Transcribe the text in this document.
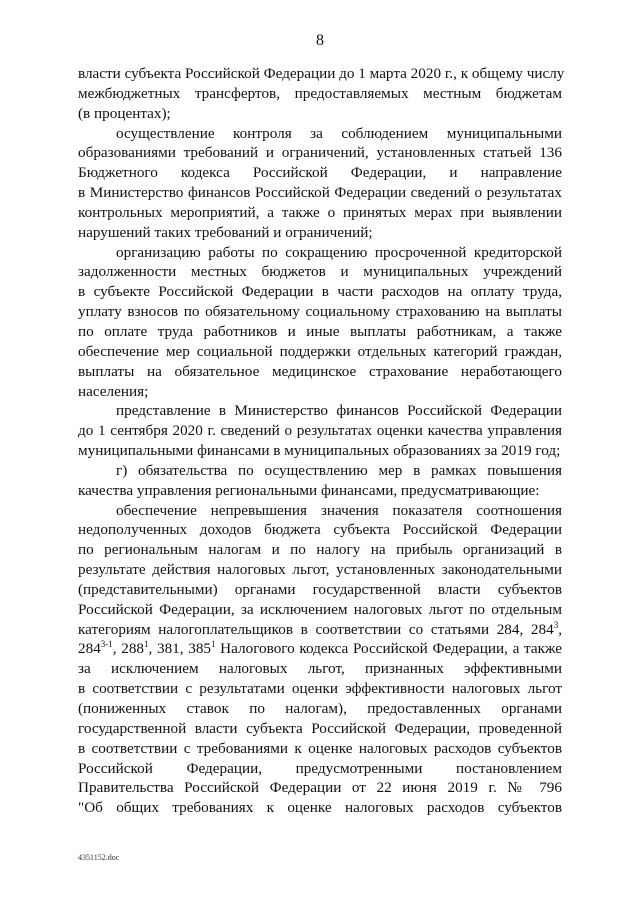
8
власти субъекта Российской Федерации до 1 марта 2020 г., к общему числу
межбюджетных трансфертов, предоставляемых местным бюджетам
(в процентах);
осуществление контроля за соблюдением муниципальными
образованиями требований и ограничений, установленных статьей 136
Бюджетного кодекса Российской Федерации, и направление
в Министерство финансов Российской Федерации сведений о результатах
контрольных мероприятий, а также о принятых мерах при выявлении
нарушений таких требований и ограничений;
организацию работы по сокращению просроченной кредиторской
задолженности местных бюджетов и муниципальных учреждений
в субъекте Российской Федерации в части расходов на оплату труда,
уплату взносов по обязательному социальному страхованию на выплаты
по оплате труда работников и иные выплаты работникам, а также
обеспечение мер социальной поддержки отдельных категорий граждан,
выплаты на обязательное медицинское страхование неработающего
населения;
представление в Министерство финансов Российской Федерации
до 1 сентября 2020 г. сведений о результатах оценки качества управления
муниципальными финансами в муниципальных образованиях за 2019 год;
г) обязательства по осуществлению мер в рамках повышения
качества управления региональными финансами, предусматривающие:
обеспечение непревышения значения показателя соотношения
недополученных доходов бюджета субъекта Российской Федерации
по региональным налогам и по налогу на прибыль организаций в
результате действия налоговых льгот, установленных законодательными
(представительными) органами государственной власти субъектов
Российской Федерации, за исключением налоговых льгот по отдельным
категориям налогоплательщиков в соответствии со статьями 284, $284^3$,
284$^{3-1}$, $288^1$, 381, $385^1$ Налогового кодекса Российской Федерации, а также
за исключением налоговых льгот, признанных эффективными
в соответствии с результатами оценки эффективности налоговых льгот
(пониженных ставок по налогам), предоставленных органами
государственной власти субъекта Российской Федерации, проведенной
в соответствии с требованиями к оценке налоговых расходов субъектов
Российской Федерации, предусмотренными постановлением
Правительства Российской Федерации от 22 июня 2019 г. № 796
"Об общих требованиях к оценке налоговых расходов субъектов
4351152.doc
